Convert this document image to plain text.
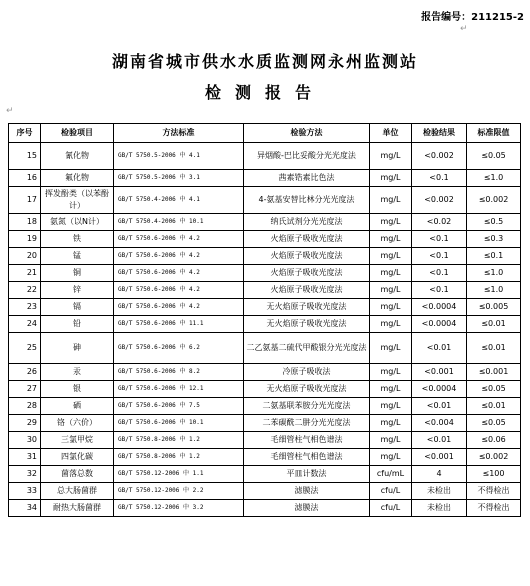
报告编号：211215-2
↵
湖南省城市供水水质监测网永州监测站
检测报告
↵
序号	检验项目	方法标准	检验方法	单位	检验结果	标准限值
15	氰化物	GB/T 5750.5-2006 中 4.1	异烟酸-巴比妥酸分光光度法	mg/L	<0.002	≤0.05
16	氟化物	GB/T 5750.5-2006 中 3.1	茜素锆素比色法	mg/L	<0.1	≤1.0
17	挥发酚类（以苯酚计）	GB/T 5750.4-2006 中 4.1	4-氨基安替比林分光光度法	mg/L	<0.002	≤0.002
18	氨氮（以N计）	GB/T 5750.4-2006 中 10.1	纳氏试剂分光光度法	mg/L	<0.02	≤0.5
19	铁	GB/T 5750.6-2006 中 4.2	火焰原子吸收光度法	mg/L	<0.1	≤0.3
20	锰	GB/T 5750.6-2006 中 4.2	火焰原子吸收光度法	mg/L	<0.1	≤0.1
21	铜	GB/T 5750.6-2006 中 4.2	火焰原子吸收光度法	mg/L	<0.1	≤1.0
22	锌	GB/T 5750.6-2006 中 4.2	火焰原子吸收光度法	mg/L	<0.1	≤1.0
23	镉	GB/T 5750.6-2006 中 4.2	无火焰原子吸收光度法	mg/L	<0.0004	≤0.005
24	铅	GB/T 5750.6-2006 中 11.1	无火焰原子吸收光度法	mg/L	<0.0004	≤0.01
25	砷	GB/T 5750.6-2006 中 6.2	二乙氨基二硫代甲酸银分光光度法	mg/L	<0.01	≤0.01
26	汞	GB/T 5750.6-2006 中 8.2	冷原子吸收法	mg/L	<0.001	≤0.001
27	银	GB/T 5750.6-2006 中 12.1	无火焰原子吸收光度法	mg/L	<0.0004	≤0.05
28	硒	GB/T 5750.6-2006 中 7.5	二氨基联苯胺分光光度法	mg/L	<0.01	≤0.01
29	铬（六价）	GB/T 5750.6-2006 中 10.1	二苯碳酰二肼分光光度法	mg/L	<0.004	≤0.05
30	三氯甲烷	GB/T 5750.8-2006 中 1.2	毛细管柱气相色谱法	mg/L	<0.01	≤0.06
31	四氯化碳	GB/T 5750.8-2006 中 1.2	毛细管柱气相色谱法	mg/L	<0.001	≤0.002
32	菌落总数	GB/T 5750.12-2006 中 1.1	平皿计数法	cfu/mL	4	≤100
33	总大肠菌群	GB/T 5750.12-2006 中 2.2	滤膜法	cfu/L	未检出	不得检出
34	耐热大肠菌群	GB/T 5750.12-2006 中 3.2	滤膜法	cfu/L	未检出	不得检出
